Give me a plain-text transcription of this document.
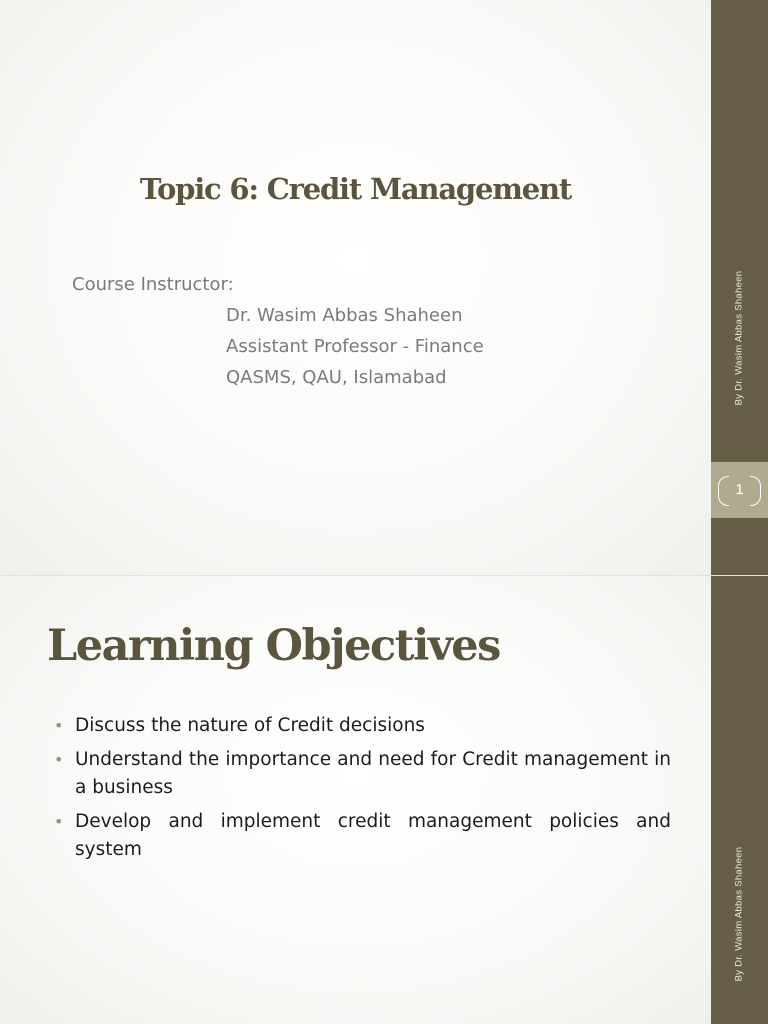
Topic 6: Credit Management
Course Instructor:
Dr. Wasim Abbas Shaheen
Assistant Professor - Finance
QASMS, QAU, Islamabad	By Dr. Wasim Abbas Shaheen
1
Learning Objectives
• Discuss the nature of Credit decisions
• Understand the importance and need for Credit management in a business
• Develop and implement credit management policies and system	By Dr. Wasim Abbas Shaheen
